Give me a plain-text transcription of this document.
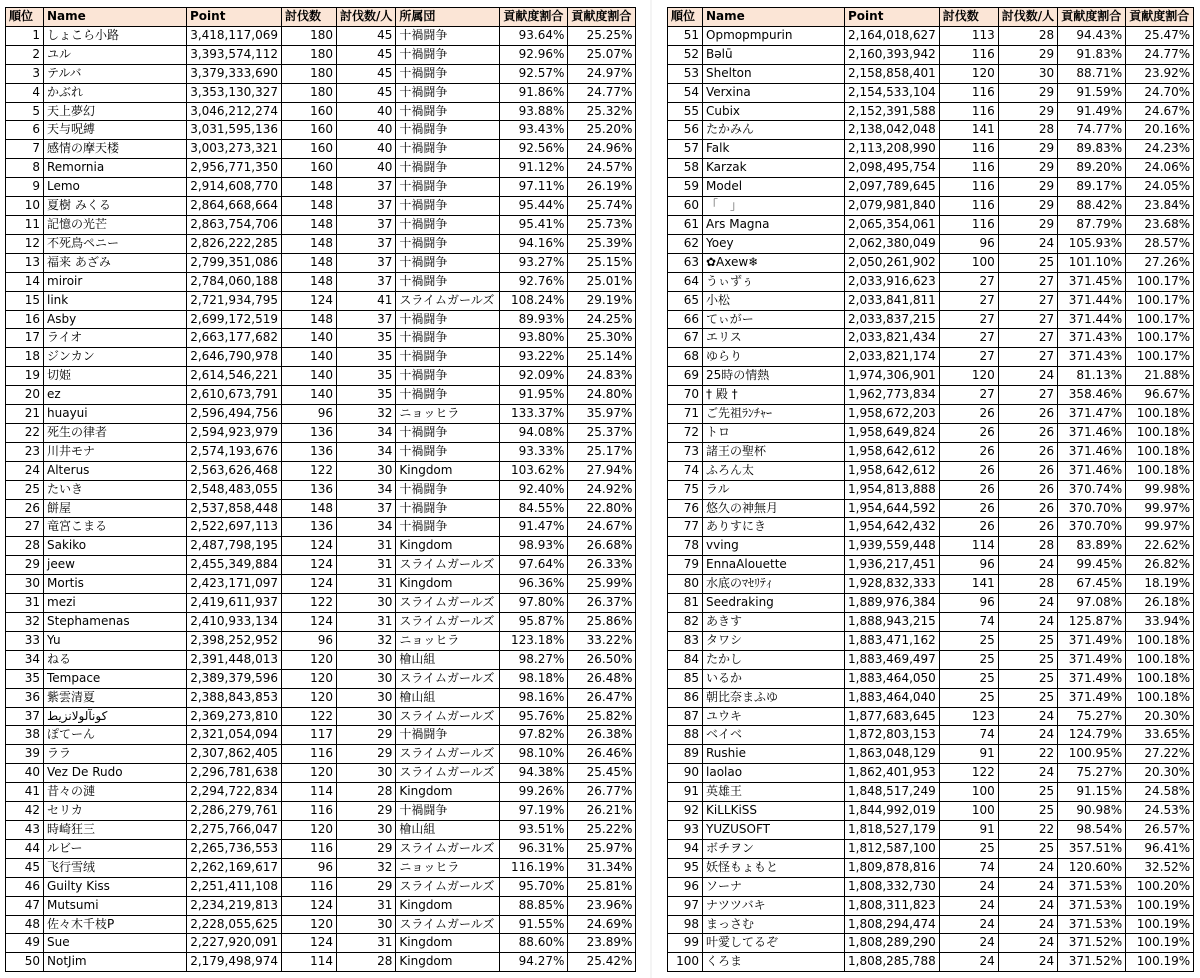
順位	Name	Point	討伐数	討伐数/人	所属団	貢献度割合	貢献度割合
1	しょこら小路	3,418,117,069	180	45	十禍闘争	93.64%	25.25%
2	ユル	3,393,574,112	180	45	十禍闘争	92.96%	25.07%
3	テルバ	3,379,333,690	180	45	十禍闘争	92.57%	24.97%
4	かぶれ	3,353,130,327	180	45	十禍闘争	91.86%	24.77%
5	天上夢幻	3,046,212,274	160	40	十禍闘争	93.88%	25.32%
6	天与呪縛	3,031,595,136	160	40	十禍闘争	93.43%	25.20%
7	感情の摩天楼	3,003,273,321	160	40	十禍闘争	92.56%	24.96%
8	Remornia	2,956,771,350	160	40	十禍闘争	91.12%	24.57%
9	Lemo	2,914,608,770	148	37	十禍闘争	97.11%	26.19%
10	夏樹 みくる	2,864,668,664	148	37	十禍闘争	95.44%	25.74%
11	記憶の光芒	2,863,754,706	148	37	十禍闘争	95.41%	25.73%
12	不死鳥ペニー	2,826,222,285	148	37	十禍闘争	94.16%	25.39%
13	福来 あざみ	2,799,351,086	148	37	十禍闘争	93.27%	25.15%
14	miroir	2,784,060,188	148	37	十禍闘争	92.76%	25.01%
15	link	2,721,934,795	124	41	スライムガールズ	108.24%	29.19%
16	Asby	2,699,172,519	148	37	十禍闘争	89.93%	24.25%
17	ライオ	2,663,177,682	140	35	十禍闘争	93.80%	25.30%
18	ジンカン	2,646,790,978	140	35	十禍闘争	93.22%	25.14%
19	切姫	2,614,546,221	140	35	十禍闘争	92.09%	24.83%
20	ez	2,610,673,791	140	35	十禍闘争	91.95%	24.80%
21	huayui	2,596,494,756	96	32	ニョッヒラ	133.37%	35.97%
22	死生の律者	2,594,923,979	136	34	十禍闘争	94.08%	25.37%
23	川井モナ	2,574,193,676	136	34	十禍闘争	93.33%	25.17%
24	Alterus	2,563,626,468	122	30	Kingdom	103.62%	27.94%
25	たいき	2,548,483,055	136	34	十禍闘争	92.40%	24.92%
26	餅屋	2,537,858,448	148	37	十禍闘争	84.55%	22.80%
27	竜宮こまる	2,522,697,113	136	34	十禍闘争	91.47%	24.67%
28	Sakiko	2,487,798,195	124	31	Kingdom	98.93%	26.68%
29	jeew	2,455,349,884	124	31	スライムガールズ	97.64%	26.33%
30	Mortis	2,423,171,097	124	31	Kingdom	96.36%	25.99%
31	mezi	2,419,611,937	122	30	スライムガールズ	97.80%	26.37%
32	Stephamenas	2,410,933,134	124	31	スライムガールズ	95.87%	25.86%
33	Yu	2,398,252,952	96	32	ニョッヒラ	123.18%	33.22%
34	ねる	2,391,448,013	120	30	檜山組	98.27%	26.50%
35	Tempace	2,389,379,596	120	30	スライムガールズ	98.18%	26.48%
36	紫雲清夏	2,388,843,853	120	30	檜山組	98.16%	26.47%
37	كونآلولانزيط	2,369,273,810	122	30	スライムガールズ	95.76%	25.82%
38	ぽてーん	2,321,054,094	117	29	十禍闘争	97.82%	26.38%
39	ララ	2,307,862,405	116	29	スライムガールズ	98.10%	26.46%
40	Vez De Rudo	2,296,781,638	120	30	スライムガールズ	94.38%	25.45%
41	昔々の漣	2,294,722,834	114	28	Kingdom	99.26%	26.77%
42	セリカ	2,286,279,761	116	29	十禍闘争	97.19%	26.21%
43	時崎狂三	2,275,766,047	120	30	檜山組	93.51%	25.22%
44	ルビー	2,265,736,553	116	29	スライムガールズ	96.31%	25.97%
45	飞行雪绒	2,262,169,617	96	32	ニョッヒラ	116.19%	31.34%
46	Guilty Kiss	2,251,411,108	116	29	スライムガールズ	95.70%	25.81%
47	Mutsumi	2,234,219,813	124	31	Kingdom	88.85%	23.96%
48	佐々木千枝P	2,228,055,625	120	30	スライムガールズ	91.55%	24.69%
49	Sue	2,227,920,091	124	31	Kingdom	88.60%	23.89%
50	NotJim	2,179,498,974	114	28	Kingdom	94.27%	25.42%
順位	Name	Point	討伐数	討伐数/人	貢献度割合	貢献度割合
51	Opmopmpurin	2,164,018,627	113	28	94.43%	25.47%
52	Bəlū	2,160,393,942	116	29	91.83%	24.77%
53	Shelton	2,158,858,401	120	30	88.71%	23.92%
54	Verxina	2,154,533,104	116	29	91.59%	24.70%
55	Cubix	2,152,391,588	116	29	91.49%	24.67%
56	たかみん	2,138,042,048	141	28	74.77%	20.16%
57	Falk	2,113,208,990	116	29	89.83%	24.23%
58	Karzak	2,098,495,754	116	29	89.20%	24.06%
59	Model	2,097,789,645	116	29	89.17%	24.05%
60	「　」	2,079,981,840	116	29	88.42%	23.84%
61	Ars Magna	2,065,354,061	116	29	87.79%	23.68%
62	Yoey	2,062,380,049	96	24	105.93%	28.57%
63	✿Axew❄	2,050,261,902	100	25	101.10%	27.26%
64	うぃずぅ	2,033,916,623	27	27	371.45%	100.17%
65	小松	2,033,841,811	27	27	371.44%	100.17%
66	てぃがー	2,033,837,215	27	27	371.44%	100.17%
67	エリス	2,033,821,434	27	27	371.43%	100.17%
68	ゆらり	2,033,821,174	27	27	371.43%	100.17%
69	25時の情熱	1,974,306,901	120	24	81.13%	21.88%
70	† 殿 †	1,962,773,834	27	27	358.46%	96.67%
71	ご先祖ﾗﾝﾁｬｰ	1,958,672,203	26	26	371.47%	100.18%
72	トロ	1,958,649,824	26	26	371.46%	100.18%
73	諸王の聖杯	1,958,642,612	26	26	371.46%	100.18%
74	ふろん太	1,958,642,612	26	26	371.46%	100.18%
75	ラル	1,954,813,888	26	26	370.74%	99.98%
76	悠久の神無月	1,954,644,592	26	26	370.70%	99.97%
77	ありすにき	1,954,642,432	26	26	370.70%	99.97%
78	vving	1,939,559,448	114	28	83.89%	22.62%
79	EnnaAlouette	1,936,217,451	96	24	99.45%	26.82%
80	水底のﾏｾﾘﾃｨ	1,928,832,333	141	28	67.45%	18.19%
81	Seedraking	1,889,976,384	96	24	97.08%	26.18%
82	あきす	1,888,943,215	74	24	125.87%	33.94%
83	タワシ	1,883,471,162	25	25	371.49%	100.18%
84	たかし	1,883,469,497	25	25	371.49%	100.18%
85	いるか	1,883,464,050	25	25	371.49%	100.18%
86	朝比奈まふゆ	1,883,464,040	25	25	371.49%	100.18%
87	ユウキ	1,877,683,645	123	24	75.27%	20.30%
88	ベイベ	1,872,803,153	74	24	124.79%	33.65%
89	Rushie	1,863,048,129	91	22	100.95%	27.22%
90	laolao	1,862,401,953	122	24	75.27%	20.30%
91	英雄王	1,848,517,249	100	25	91.15%	24.58%
92	KiLLKiSS	1,844,992,019	100	25	90.98%	24.53%
93	YUZUSOFT	1,818,527,179	91	22	98.54%	26.57%
94	ボチヲン	1,812,587,100	25	25	357.51%	96.41%
95	妖怪もょもと	1,809,878,816	74	24	120.60%	32.52%
96	ソーナ	1,808,332,730	24	24	371.53%	100.20%
97	ナツツバキ	1,808,311,823	24	24	371.53%	100.19%
98	まっさむ	1,808,294,474	24	24	371.53%	100.19%
99	叶愛してるぞ	1,808,289,290	24	24	371.52%	100.19%
100	くろま	1,808,285,788	24	24	371.52%	100.19%
